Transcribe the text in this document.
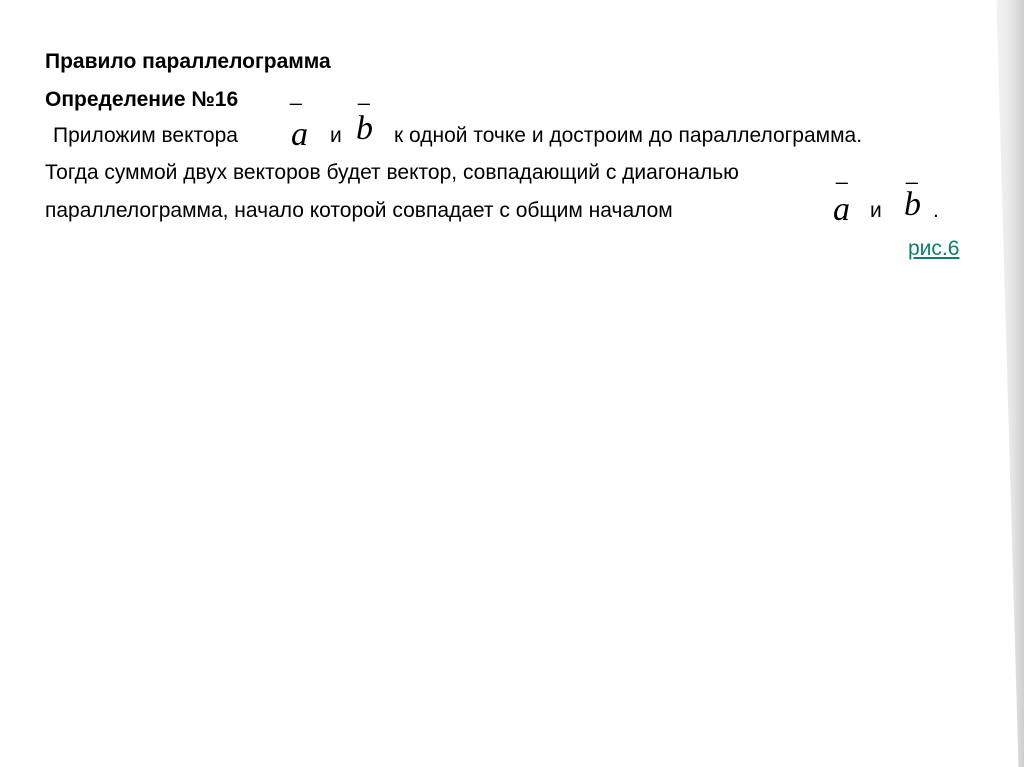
Правило параллелограмма
Определение №16 _	_
Приложим вектора a и b к одной точке и достроим до параллелограмма.
Тогда суммой двух векторов будет вектор, совпадающий с диагональю	_	_
параллелограмма, начало которой совпадает с общим началом	a и b .
рис.6
